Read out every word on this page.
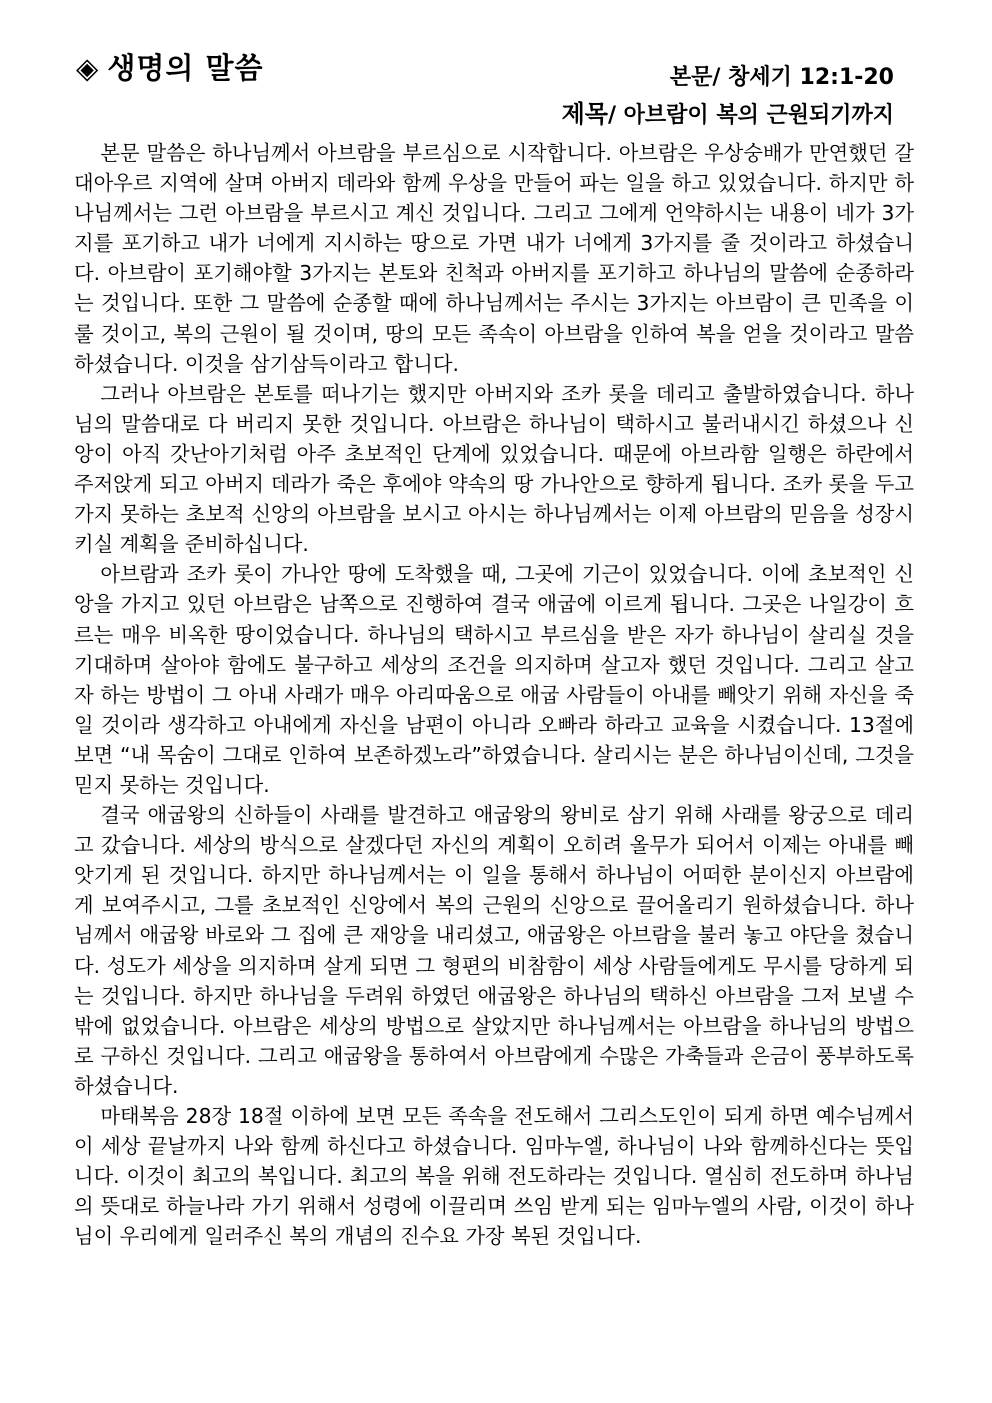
◈ 생명의 말씀	본문/ 창세기 12:1-20
제목/ 아브람이 복의 근원되기까지

본문 말씀은 하나님께서 아브람을 부르심으로 시작합니다. 아브람은 우상숭배가 만연했던 갈대아우르 지역에 살며 아버지 데라와 함께 우상을 만들어 파는 일을 하고 있었습니다. 하지만 하나님께서는 그런 아브람을 부르시고 계신 것입니다. 그리고 그에게 언약하시는 내용이 네가 3가지를 포기하고 내가 너에게 지시하는 땅으로 가면 내가 너에게 3가지를 줄 것이라고 하셨습니다. 아브람이 포기해야할 3가지는 본토와 친척과 아버지를 포기하고 하나님의 말씀에 순종하라는 것입니다. 또한 그 말씀에 순종할 때에 하나님께서는 주시는 3가지는 아브람이 큰 민족을 이룰 것이고, 복의 근원이 될 것이며, 땅의 모든 족속이 아브람을 인하여 복을 얻을 것이라고 말씀하셨습니다. 이것을 삼기삼득이라고 합니다.

그러나 아브람은 본토를 떠나기는 했지만 아버지와 조카 롯을 데리고 출발하였습니다. 하나님의 말씀대로 다 버리지 못한 것입니다. 아브람은 하나님이 택하시고 불러내시긴 하셨으나 신앙이 아직 갓난아기처럼 아주 초보적인 단계에 있었습니다. 때문에 아브라함 일행은 하란에서 주저앉게 되고 아버지 데라가 죽은 후에야 약속의 땅 가나안으로 향하게 됩니다. 조카 롯을 두고 가지 못하는 초보적 신앙의 아브람을 보시고 아시는 하나님께서는 이제 아브람의 믿음을 성장시키실 계획을 준비하십니다.

아브람과 조카 롯이 가나안 땅에 도착했을 때, 그곳에 기근이 있었습니다. 이에 초보적인 신앙을 가지고 있던 아브람은 남쪽으로 진행하여 결국 애굽에 이르게 됩니다. 그곳은 나일강이 흐르는 매우 비옥한 땅이었습니다. 하나님의 택하시고 부르심을 받은 자가 하나님이 살리실 것을 기대하며 살아야 함에도 불구하고 세상의 조건을 의지하며 살고자 했던 것입니다. 그리고 살고자 하는 방법이 그 아내 사래가 매우 아리따움으로 애굽 사람들이 아내를 빼앗기 위해 자신을 죽일 것이라 생각하고 아내에게 자신을 남편이 아니라 오빠라 하라고 교육을 시켰습니다. 13절에 보면 “내 목숨이 그대로 인하여 보존하겠노라”하였습니다. 살리시는 분은 하나님이신데, 그것을 믿지 못하는 것입니다.

결국 애굽왕의 신하들이 사래를 발견하고 애굽왕의 왕비로 삼기 위해 사래를 왕궁으로 데리고 갔습니다. 세상의 방식으로 살겠다던 자신의 계획이 오히려 올무가 되어서 이제는 아내를 빼앗기게 된 것입니다. 하지만 하나님께서는 이 일을 통해서 하나님이 어떠한 분이신지 아브람에게 보여주시고, 그를 초보적인 신앙에서 복의 근원의 신앙으로 끌어올리기 원하셨습니다. 하나님께서 애굽왕 바로와 그 집에 큰 재앙을 내리셨고, 애굽왕은 아브람을 불러 놓고 야단을 쳤습니다. 성도가 세상을 의지하며 살게 되면 그 형편의 비참함이 세상 사람들에게도 무시를 당하게 되는 것입니다. 하지만 하나님을 두려워 하였던 애굽왕은 하나님의 택하신 아브람을 그저 보낼 수밖에 없었습니다. 아브람은 세상의 방법으로 살았지만 하나님께서는 아브람을 하나님의 방법으로 구하신 것입니다. 그리고 애굽왕을 통하여서 아브람에게 수많은 가축들과 은금이 풍부하도록 하셨습니다.

마태복음 28장 18절 이하에 보면 모든 족속을 전도해서 그리스도인이 되게 하면 예수님께서 이 세상 끝날까지 나와 함께 하신다고 하셨습니다. 임마누엘, 하나님이 나와 함께하신다는 뜻입니다. 이것이 최고의 복입니다. 최고의 복을 위해 전도하라는 것입니다. 열심히 전도하며 하나님의 뜻대로 하늘나라 가기 위해서 성령에 이끌리며 쓰임 받게 되는 임마누엘의 사람, 이것이 하나님이 우리에게 일러주신 복의 개념의 진수요 가장 복된 것입니다.
